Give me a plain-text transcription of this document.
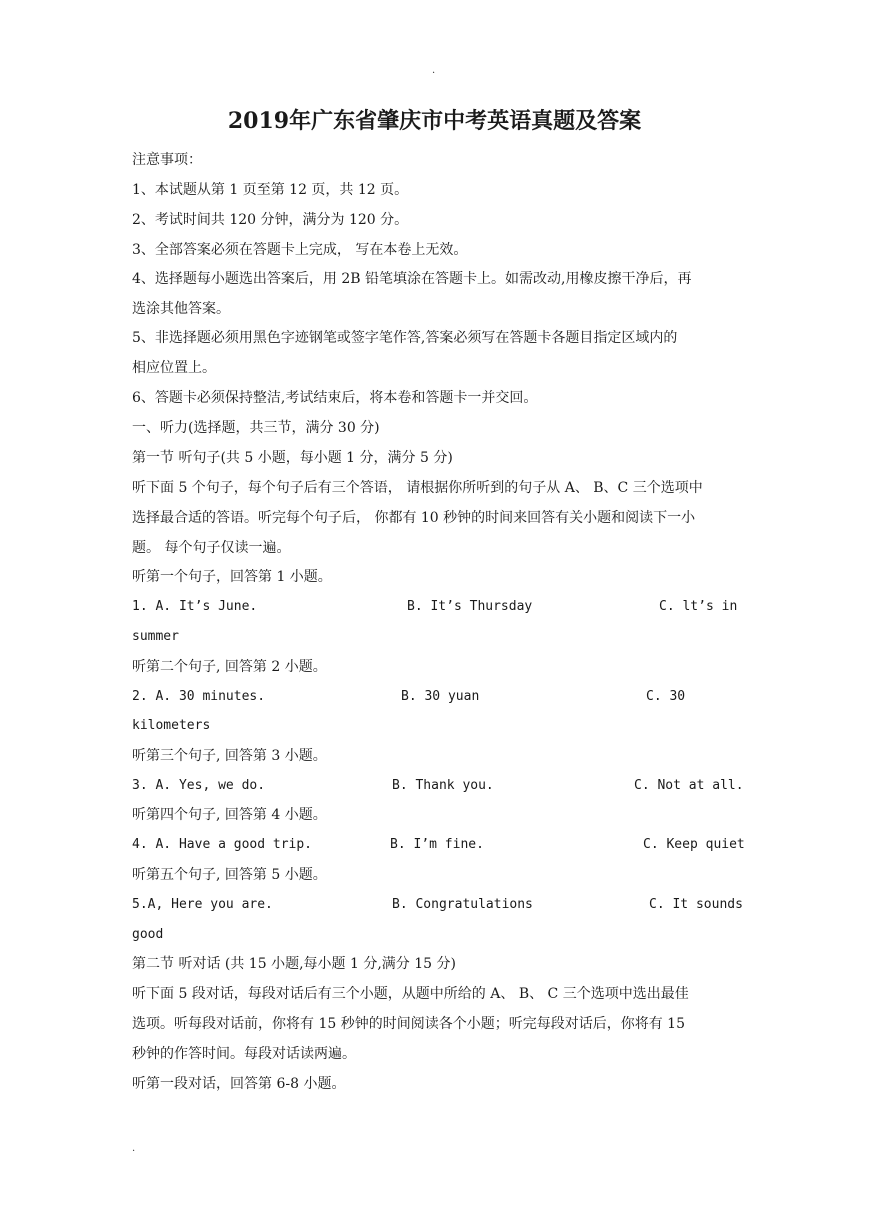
.
2019年广东省肇庆市中考英语真题及答案
注意事项：
1、本试题从第 1 页至第 12 页，共 12 页。
2、考试时间共 120 分钟，满分为 120 分。
3、全部答案必须在答题卡上完成， 写在本卷上无效。
4、选择题每小题选出答案后，用 2B 铅笔填涂在答题卡上。如需改动,用橡皮擦干净后，再
选涂其他答案。
5、非选择题必须用黑色字迹钢笔或签字笔作答,答案必须写在答题卡各题目指定区域内的
相应位置上。
6、答题卡必须保持整洁,考试结束后，将本卷和答题卡一并交回。
一、听力(选择题，共三节，满分 30 分)
第一节 听句子(共 5 小题，每小题 1 分，满分 5 分)
听下面 5 个句子，每个句子后有三个答语， 请根据你所听到的句子从 A、 B、C 三个选项中
选择最合适的答语。听完每个句子后， 你都有 10 秒钟的时间来回答有关小题和阅读下一小
题。 每个句子仅读一遍。
听第一个句子，回答第 1 小题。
1. A. It’s June.	B. It’s Thursday	C. lt’s in
summer
听第二个句子, 回答第 2 小题。
2. A. 30 minutes.	B. 30 yuan	C. 30
kilometers
听第三个句子, 回答第 3 小题。
3. A. Yes, we do.	B. Thank you.	C. Not at all.
听第四个句子, 回答第 4 小题。
4. A. Have a good trip.	B. I’m fine.	C. Keep quiet
听第五个句子, 回答第 5 小题。
5.A, Here you are.	B. Congratulations	C. It sounds
good
第二节 听对话 (共 15 小题,每小题 1 分,满分 15 分)
听下面 5 段对话，每段对话后有三个小题，从题中所给的 A、 B、 C 三个选项中选出最佳
选项。听每段对话前，你将有 15 秒钟的时间阅读各个小题；听完每段对话后，你将有 15
秒钟的作答时间。每段对话读两遍。
听第一段对话，回答第 6-8 小题。
.
